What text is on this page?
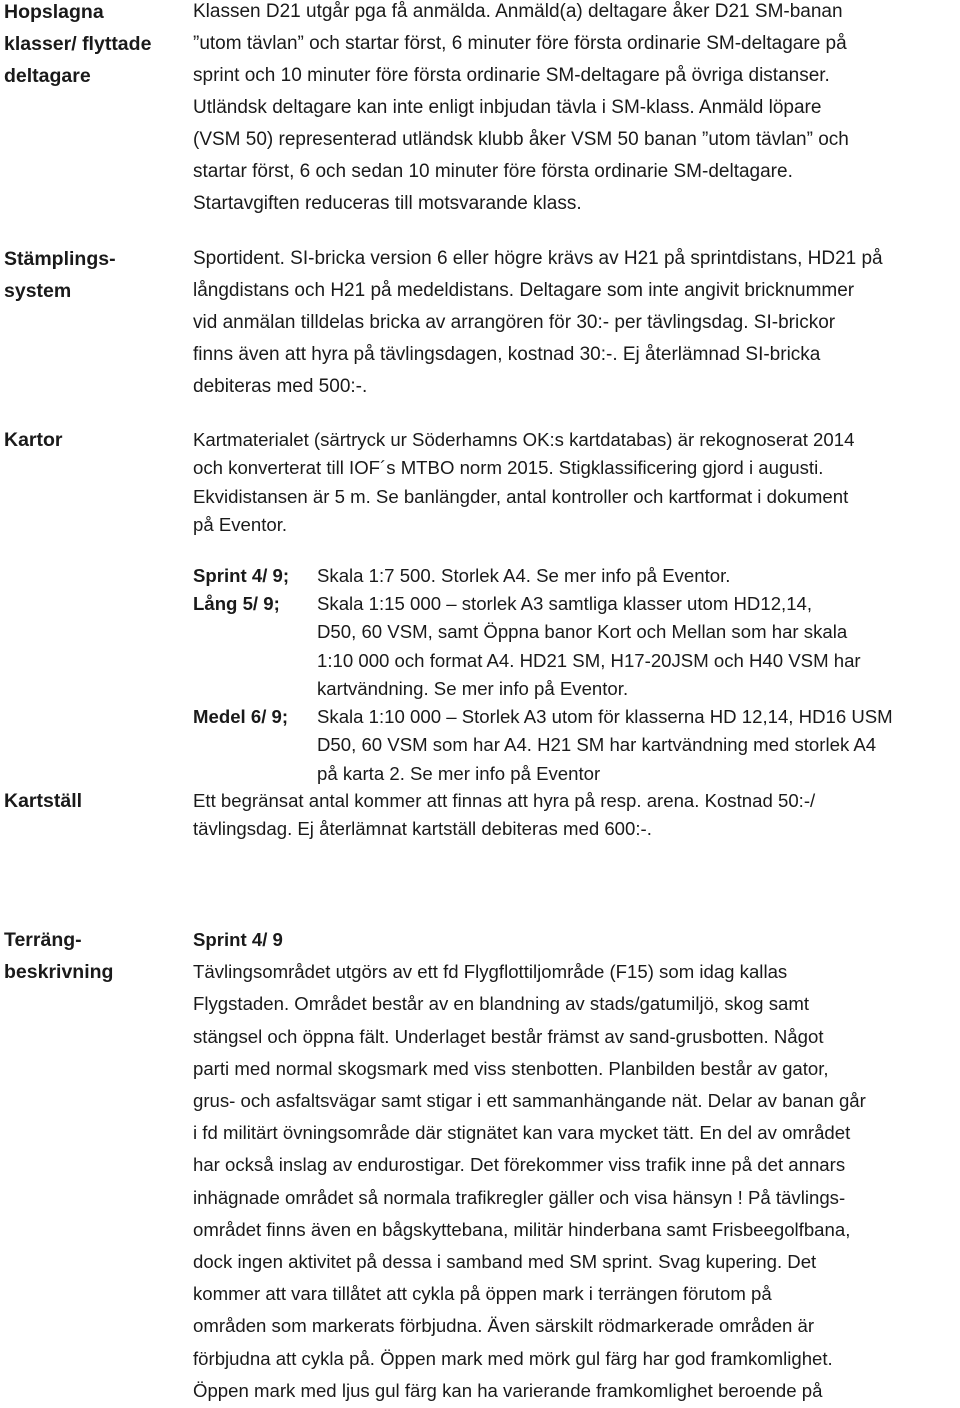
Hopslagna
klasser/ flyttade
deltagare
Klassen D21 utgår pga få anmälda. Anmäld(a) deltagare åker D21 SM-banan
”utom tävlan” och startar först, 6 minuter före första ordinarie SM-deltagare på
sprint och 10 minuter före första ordinarie SM-deltagare på övriga distanser.
Utländsk deltagare kan inte enligt inbjudan tävla i SM-klass. Anmäld löpare
(VSM 50) representerad utländsk klubb åker VSM 50 banan ”utom tävlan” och
startar först, 6 och sedan 10 minuter före första ordinarie SM-deltagare.
Startavgiften reduceras till motsvarande klass.
Stämplings-
system
Sportident. SI-bricka version 6 eller högre krävs av H21 på sprintdistans, HD21 på
långdistans och H21 på medeldistans. Deltagare som inte angivit bricknummer
vid anmälan tilldelas bricka av arrangören för 30:- per tävlingsdag. SI-brickor
finns även att hyra på tävlingsdagen, kostnad 30:-. Ej återlämnad SI-bricka
debiteras med 500:-.
Kartor	Kartmaterialet (särtryck ur Söderhamns OK:s kartdatabas) är rekognoserat 2014
och konverterat till IOF´s MTBO norm 2015. Stigklassificering gjord i augusti.
Ekvidistansen är 5 m. Se banlängder, antal kontroller och kartformat i dokument
på Eventor.
Sprint 4/ 9; Skala 1:7 500. Storlek A4. Se mer info på Eventor.
Lång 5/ 9; Skala 1:15 000 – storlek A3 samtliga klasser utom HD12,14,
D50, 60 VSM, samt Öppna banor Kort och Mellan som har skala
1:10 000 och format A4. HD21 SM, H17-20JSM och H40 VSM har
kartvändning. Se mer info på Eventor.
Medel 6/ 9; Skala 1:10 000 – Storlek A3 utom för klasserna HD 12,14, HD16 USM
D50, 60 VSM som har A4. H21 SM har kartvändning med storlek A4
på karta 2. Se mer info på Eventor
Kartställ	Ett begränsat antal kommer att finnas att hyra på resp. arena. Kostnad 50:-/
tävlingsdag. Ej återlämnat kartställ debiteras med 600:-.
Terräng-
beskrivning
Sprint 4/ 9
Tävlingsområdet utgörs av ett fd Flygflottiljområde (F15) som idag kallas
Flygstaden. Området består av en blandning av stads/gatumiljö, skog samt
stängsel och öppna fält. Underlaget består främst av sand-grusbotten. Något
parti med normal skogsmark med viss stenbotten. Planbilden består av gator,
grus- och asfaltsvägar samt stigar i ett sammanhängande nät. Delar av banan går
i fd militärt övningsområde där stignätet kan vara mycket tätt. En del av området
har också inslag av endurostigar. Det förekommer viss trafik inne på det annars
inhägnade området så normala trafikregler gäller och visa hänsyn ! På tävlings-
området finns även en bågskyttebana, militär hinderbana samt Frisbeegolfbana,
dock ingen aktivitet på dessa i samband med SM sprint. Svag kupering. Det
kommer att vara tillåtet att cykla på öppen mark i terrängen förutom på
områden som markerats förbjudna. Även särskilt rödmarkerade områden är
förbjudna att cykla på. Öppen mark med mörk gul färg har god framkomlighet.
Öppen mark med ljus gul färg kan ha varierande framkomlighet beroende på
